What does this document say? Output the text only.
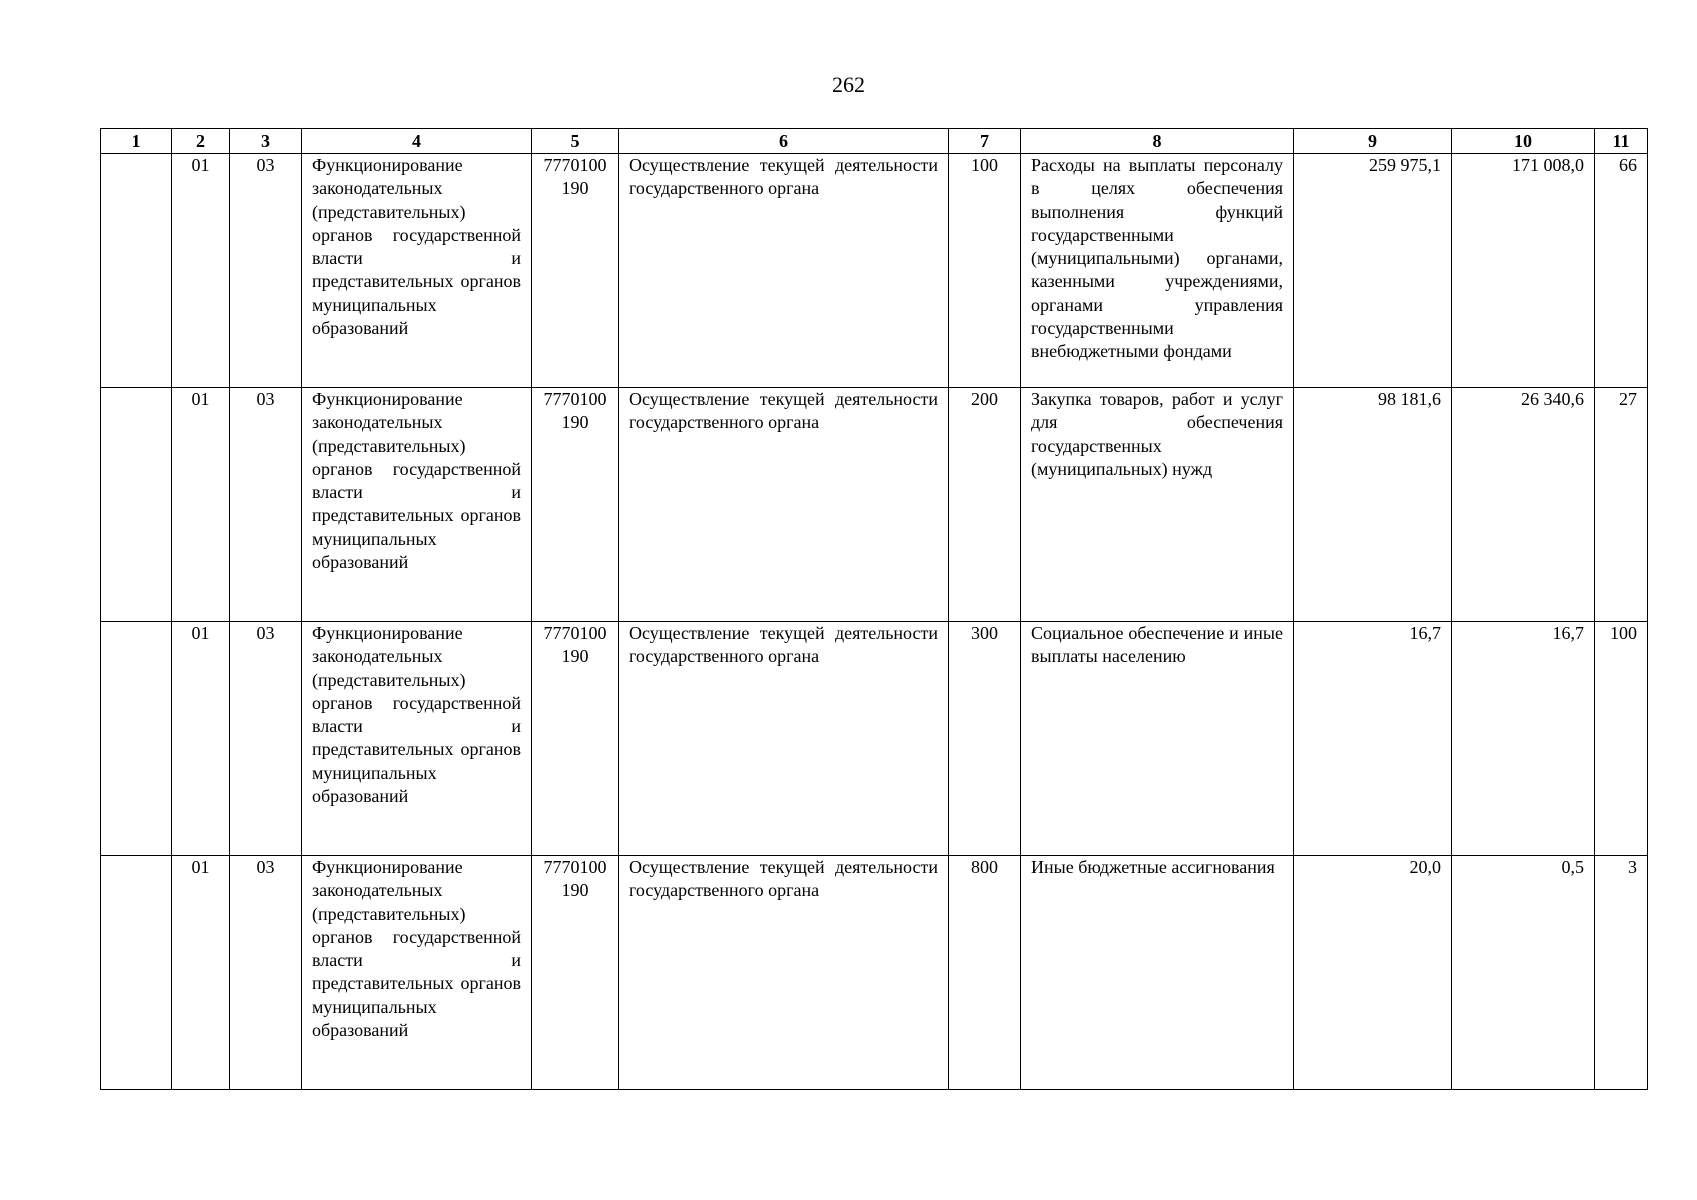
262
1	2	3	4	5	6	7	8	9	10	11
	01	03	Функционирование законодательных (представительных) органов государственной власти и представительных органов муниципальных образований	7770100190	Осуществление текущей деятельности государственного органа	100	Расходы на выплаты персоналу в целях обеспечения выполнения функций государственными (муниципальными) органами, казенными учреждениями, органами управления государственными внебюджетными фондами	259 975,1	171 008,0	66
	01	03	Функционирование законодательных (представительных) органов государственной власти и представительных органов муниципальных образований	7770100190	Осуществление текущей деятельности государственного органа	200	Закупка товаров, работ и услуг для обеспечения государственных (муниципальных) нужд	98 181,6	26 340,6	27
	01	03	Функционирование законодательных (представительных) органов государственной власти и представительных органов муниципальных образований	7770100190	Осуществление текущей деятельности государственного органа	300	Социальное обеспечение и иные выплаты населению	16,7	16,7	100
	01	03	Функционирование законодательных (представительных) органов государственной власти и представительных органов муниципальных образований	7770100190	Осуществление текущей деятельности государственного органа	800	Иные бюджетные ассигнования	20,0	0,5	3
